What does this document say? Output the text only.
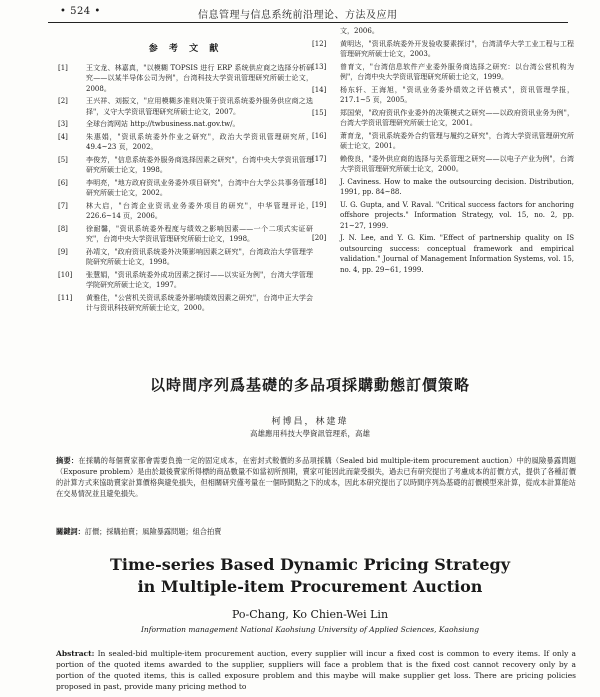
• 524 •	信息管理与信息系统前沿理论、方法及应用
参 考 文 献
[1]	王文龙、林嘉真，"以模糊 TOPSIS 进行 ERP 系统供应商之选择分析研究——以某半导体公司为例"，台湾科技大学资讯管理研究所硕士论文，2008。
[2]	王兴祥、刘振文，"应用模糊多准则决策于资讯系统委外服务供应商之选择"，义守大学资讯管理研究所硕士论文，2007。
[3]	全球台湾网站 http://twbusiness.nat.gov.tw/。
[4]	朱惠娟，"资讯系统委外作业之研究"，政治大学资讯管理研究所，49.4~23 页，2002。
[5]	李俊芳，"信息系统委外服务商选择因素之研究"，台湾中央大学资讯管理研究所硕士论文，1998。
[6]	李明亮，"地方政府资讯业务委外项目研究"，台湾中台大学公共事务管理研究所硕士论文，2002。
[7]	林大启，"台湾企业资讯业务委外项目的研究"，中华管理评论，226.6~14 页，2006。
[8]	徐耐馨，"资讯系统委外程度与绩效之影响因素——一个二项式实证研究"，台湾中央大学资讯管理研究所硕士论文，1998。
[9]	孙靖文，"政府资讯系统委外决策影响因素之研究"，台湾政治大学管理学院研究所硕士论文，1998。
[10]	张慧娟，"资讯系统委外成功因素之探讨——以实证为例"，台湾大学管理学院研究所硕士论文，1997。
[11]	黄雅佳，"公营机关资讯系统委外影响绩效因素之研究"，台湾中正大学会计与资讯科技研究所硕士论文，2000。
文，2006。
[12]	黄明达，"资讯系统委外开发验收要素探讨"，台湾清华大学工业工程与工程管理研究所硕士论文，2003。
[13]	曾育文，"台湾信息软件产业委外服务商选择之研究：以台湾公营机构为例"，台湾中央大学资讯管理研究所硕士论文，1999。
[14]	杨东轩、王海旭，"资讯业务委外绩效之评估模式"，资讯管理学报，217.1~5 页，2005。
[15]	郑国荣，"政府资讯作业委外的决策模式之研究——以政府资讯业务为例"，台湾大学资讯管理研究所硕士论文，2001。
[16]	萧育龙，"资讯系统委外合约管理与履约之研究"，台湾大学资讯管理研究所硕士论文，2001。
[17]	赖俊良，"委外供应商的选择与关系管理之研究——以电子产业为例"，台湾大学资讯管理研究所硕士论文，2000。
[18]	J. Caviness. How to make the outsourcing decision. Distribution, 1991, pp. 84~88.
[19]	U. G. Gupta, and V. Raval. "Critical success factors for anchoring offshore projects." Information Strategy, vol. 15, no. 2, pp. 21~27, 1999.
[20]	J. N. Lee, and Y. G. Kim. "Effect of partnership quality on IS outsourcing success: conceptual framework and empirical validation." Journal of Management Information Systems, vol. 15, no. 4, pp. 29~61, 1999.
以時間序列爲基礎的多品項採購動態訂價策略
柯博昌，林建瑋
高雄應用科技大學資訊管理系，高雄
摘要：在採購的每個賣家都會需要負擔一定的固定成本，在密封式較價的多品項採購（Sealed bid multiple-item procurement auction）中的風險暴露問題（Exposure problem）是由於最後賣家所得標的商品數量不如當初所預期，賣家可能因此而蒙受損失，過去已有研究提出了考慮成本的訂價方式，提供了各種訂價的計算方式來協助賣家計算價格與避免損失，但相關研究僅考量在一個時間點之下的成本，因此本研究提出了以時間序列為基礎的訂價模型來計算，從成本計算能站在交易情況並且避免損失。
關鍵詞：訂價；採購拍賣；風險暴露問題；組合拍賣
Time-series Based Dynamic Pricing Strategy
in Multiple-item Procurement Auction
Po-Chang, Ko Chien-Wei Lin
Information management National Kaohsiung University of Applied Sciences, Kaohsiung
Abstract: In sealed-bid multiple-item procurement auction, every supplier will incur a fixed cost is common to every items. If only a portion of the quoted items awarded to the supplier, suppliers will face a problem that is the fixed cost cannot recovery only by a portion of the quoted items, this is called exposure problem and this maybe will make supplier get loss. There are pricing policies proposed in past, provide many pricing method to
